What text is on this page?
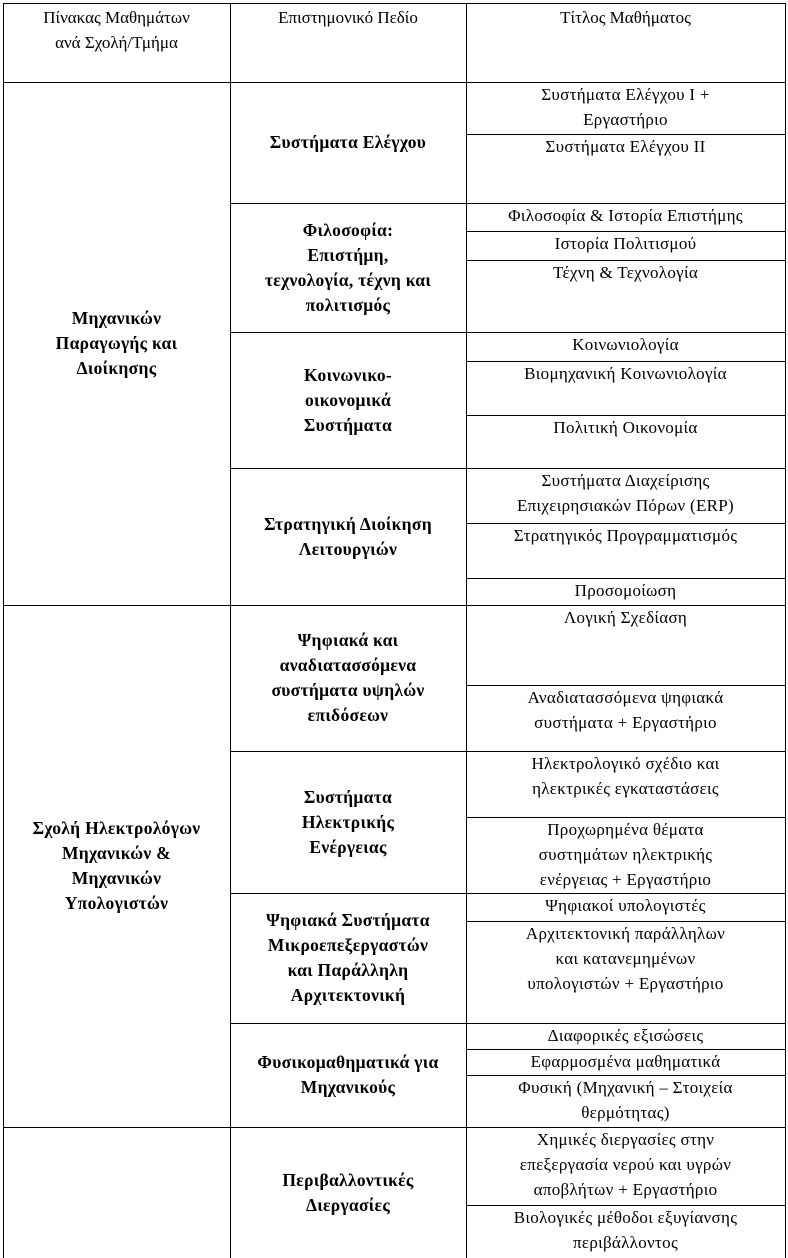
Πίνακας Μαθημάτων
ανά Σχολή/Τμήμα
Επιστημονικό Πεδίο	Τίτλος Μαθήματος
Μηχανικών
Παραγωγής και
Διοίκησης
Συστήματα Ελέγχου
Συστήματα Ελέγχου Ι +
Εργαστήριο
Συστήματα Ελέγχου ΙΙ
Φιλοσοφία:
Επιστήμη,
τεχνολογία, τέχνη και
πολιτισμός
Φιλοσοφία & Ιστορία Επιστήμης
Ιστορία Πολιτισμού
Τέχνη & Τεχνολογία
Κοινωνικο-
οικονομικά
Συστήματα
Κοινωνιολογία
Βιομηχανική Κοινωνιολογία
Πολιτική Οικονομία
Στρατηγική Διοίκηση
Λειτουργιών
Συστήματα Διαχείρισης
Επιχειρησιακών Πόρων (ERP)
Στρατηγικός Προγραμματισμός
Προσομοίωση
Σχολή Ηλεκτρολόγων
Μηχανικών &
Μηχανικών
Υπολογιστών
Ψηφιακά και
αναδιατασσόμενα
συστήματα υψηλών
επιδόσεων
Λογική Σχεδίαση
Αναδιατασσόμενα ψηφιακά
συστήματα + Εργαστήριο
Συστήματα
Ηλεκτρικής
Ενέργειας
Ηλεκτρολογικό σχέδιο και
ηλεκτρικές εγκαταστάσεις
Προχωρημένα θέματα
συστημάτων ηλεκτρικής
ενέργειας + Εργαστήριο
Ψηφιακά Συστήματα
Μικροεπεξεργαστών
και Παράλληλη
Αρχιτεκτονική
Ψηφιακοί υπολογιστές
Αρχιτεκτονική παράλληλων
και κατανεμημένων
υπολογιστών + Εργαστήριο
Φυσικομαθηματικά για
Μηχανικούς
Διαφορικές εξισώσεις
Εφαρμοσμένα μαθηματικά
Φυσική (Μηχανική – Στοιχεία
θερμότητας)
Περιβαλλοντικές
Διεργασίες
Χημικές διεργασίες στην
επεξεργασία νερού και υγρών
αποβλήτων + Εργαστήριο
Βιολογικές μέθοδοι εξυγίανσης
περιβάλλοντος
